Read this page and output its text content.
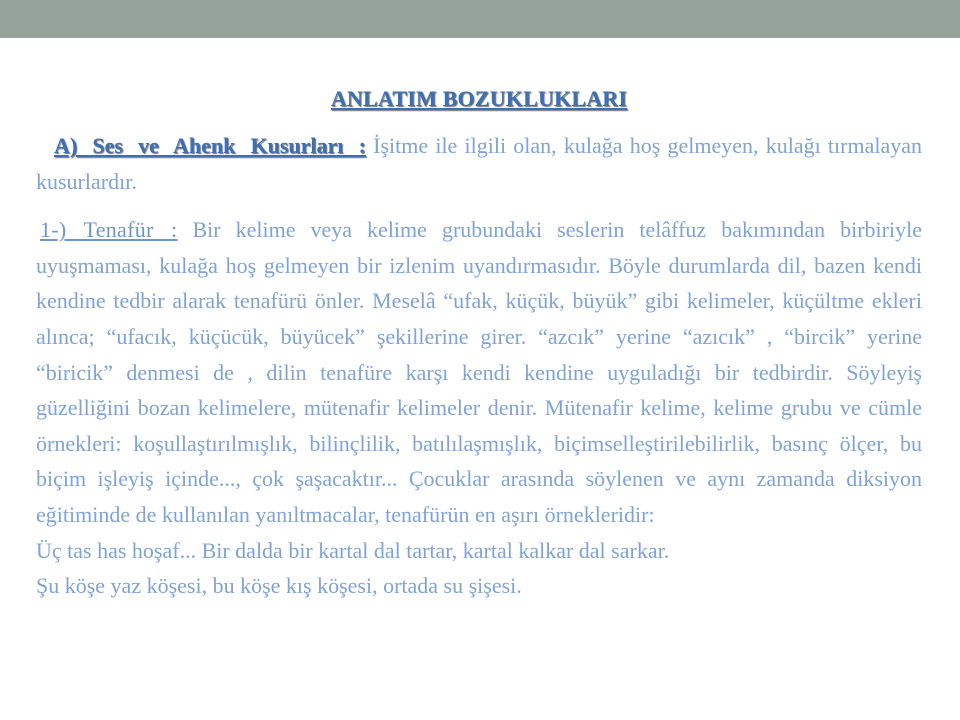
ANLATIM BOZUKLUKLARI

A) Ses ve Ahenk Kusurları : İşitme ile ilgili olan, kulağa hoş gelmeyen, kulağı tırmalayan kusurlardır.

1-) Tenafür : Bir kelime veya kelime grubundaki seslerin telâffuz bakımından birbiriyle uyuşmaması, kulağa hoş gelmeyen bir izlenim uyandırmasıdır. Böyle durumlarda dil, bazen kendi kendine tedbir alarak tenafürü önler. Meselâ “ufak, küçük, büyük” gibi kelimeler, küçültme ekleri alınca; “ufacık, küçücük, büyücek” şekillerine girer. “azcık” yerine “azıcık” , “bircik” yerine “biricik” denmesi de , dilin tenafüre karşı kendi kendine uyguladığı bir tedbirdir. Söyleyiş güzelliğini bozan kelimelere, mütenafir kelimeler denir. Mütenafir kelime, kelime grubu ve cümle örnekleri: koşullaştırılmışlık, bilinçlilik, batılılaşmışlık, biçimselleştirilebilirlik, basınç ölçer, bu biçim işleyiş içinde..., çok şaşacaktır... Çocuklar arasında söylenen ve aynı zamanda diksiyon eğitiminde de kullanılan yanıltmacalar, tenafürün en aşırı örnekleridir:

Üç tas has hoşaf... Bir dalda bir kartal dal tartar, kartal kalkar dal sarkar.

Şu köşe yaz köşesi, bu köşe kış köşesi, ortada su şişesi.
